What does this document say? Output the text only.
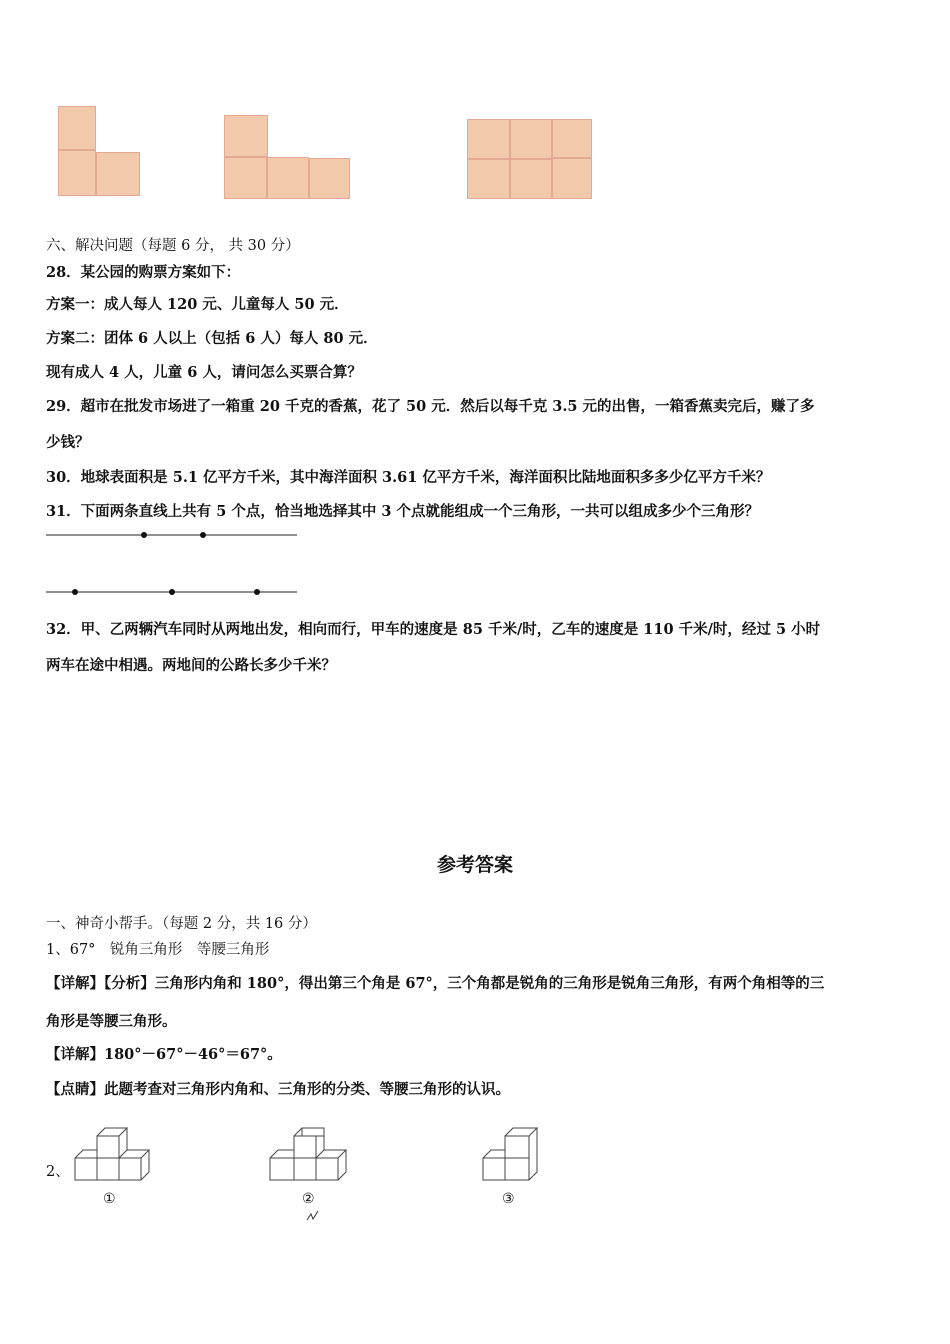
六、解决问题（每题 6 分， 共 30 分）
28．某公园的购票方案如下：
方案一：成人每人 120 元、儿童每人 50 元．
方案二：团体 6 人以上（包括 6 人）每人 80 元．
现有成人 4 人，儿童 6 人，请问怎么买票合算？
29．超市在批发市场进了一箱重 20 千克的香蕉，花了 50 元．然后以每千克 3.5 元的出售，一箱香蕉卖完后，赚了多
少钱？
30．地球表面积是 5.1 亿平方千米，其中海洋面积 3.61 亿平方千米，海洋面积比陆地面积多多少亿平方千米？
31．下面两条直线上共有 5 个点，恰当地选择其中 3 个点就能组成一个三角形，一共可以组成多少个三角形？
32．甲、乙两辆汽车同时从两地出发，相向而行，甲车的速度是 85 千米/时，乙车的速度是 110 千米/时，经过 5 小时
两车在途中相遇。两地间的公路长多少千米？
参考答案
一、神奇小帮手。（每题 2 分，共 16 分）
1、67°　锐角三角形　等腰三角形
【详解】【分析】三角形内角和 180°，得出第三个角是 67°，三个角都是锐角的三角形是锐角三角形，有两个角相等的三
角形是等腰三角形。
【详解】180°－67°－46°＝67°。
【点睛】此题考查对三角形内角和、三角形的分类、等腰三角形的认识。
2、
①	②	③
